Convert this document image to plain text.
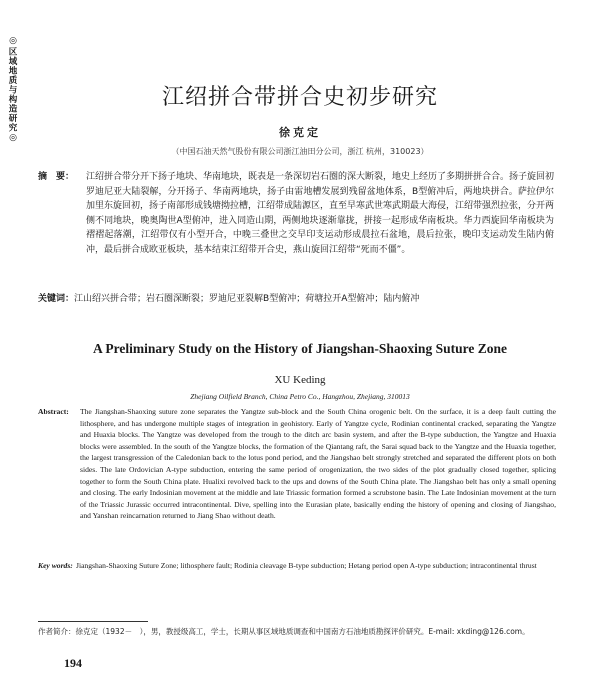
◎
区域地质与构造研究
◎
江绍拼合带拼合史初步研究
徐克定
（中国石油天然气股份有限公司浙江油田分公司，浙江 杭州，310023）
摘　要： 江绍拼合带分开下扬子地块、华南地块，既表是一条深切岩石圈的深大断裂，地史上经历了多期拼拼合合。扬子旋回初罗迪尼亚大陆裂解，分开扬子、华南两地块，扬子由雷地槽发展到残留盆地体系，B型俯冲后，两地块拼合。萨拉伊尔加里东旋回初，扬子南部形成钱塘拗拉槽，江绍带成陆源区，直至早寒武世寒武期最大海侵，江绍带强烈拉张，分开两侧不同地块，晚奥陶世A型俯冲，进入同造山期，两侧地块逐渐靠拢，拼接一起形成华南板块。华力西旋回华南板块为褶褶起落潮，江绍带仅有小型开合，中晚三叠世之交早印支运动形成晨拉石盆地，晨后拉张，晚印支运动发生陆内俯冲，最后拼合成欧亚板块，基本结束江绍带开合史，燕山旋回江绍带“死而不僵”。
关键词：江山绍兴拼合带；岩石圈深断裂；罗迪尼亚裂解B型俯冲；荷塘拉开A型俯冲；陆内俯冲
A Preliminary Study on the History of Jiangshan-Shaoxing Suture Zone
XU Keding
Zhejiang Oilfield Branch, China Petro Co., Hangzhou, Zhejiang, 310013
Abstract: The Jiangshan-Shaoxing suture zone separates the Yangtze sub-block and the South China orogenic belt. On the surface, it is a deep fault cutting the lithosphere, and has undergone multiple stages of integration in geohistory. Early of Yangtze cycle, Rodinian continental cracked, separating the Yangtze and Huaxia blocks. The Yangtze was developed from the trough to the ditch arc basin system, and after the B-type subduction, the Yangtze and Huaxia blocks were assembled. In the south of the Yangtze blocks, the formation of the Qiantang raft, the Sarai squad back to the Yangtze and the Huaxia together, the largest transgression of the Caledonian back to the lotus pond period, and the Jiangshao belt strongly stretched and separated the different plots on both sides. The late Ordovician A-type subduction, entering the same period of orogenization, the two sides of the plot gradually closed together, splicing together to form the South China plate. Hualixi revolved back to the ups and downs of the South China plate. The Jiangshao belt has only a small opening and closing. The early Indosinian movement at the middle and late Triassic formation formed a scrubstone basin. The Late Indosinian movement at the turn of the Triassic Jurassic occurred intracontinental. Dive, spelling into the Eurasian plate, basically ending the history of opening and closing of Jiangshao, and Yanshan reincarnation returned to Jiang Shao without death.
Key words: Jiangshan-Shaoxing Suture Zone; lithosphere fault; Rodinia cleavage B-type subduction; Hetang period open A-type subduction; intracontinental thrust
作者简介：徐克定（1932－　），男，教授级高工，学士，长期从事区域地质调查和中国南方石油地质勘探评价研究。E-mail: xkding@126.com。
194
